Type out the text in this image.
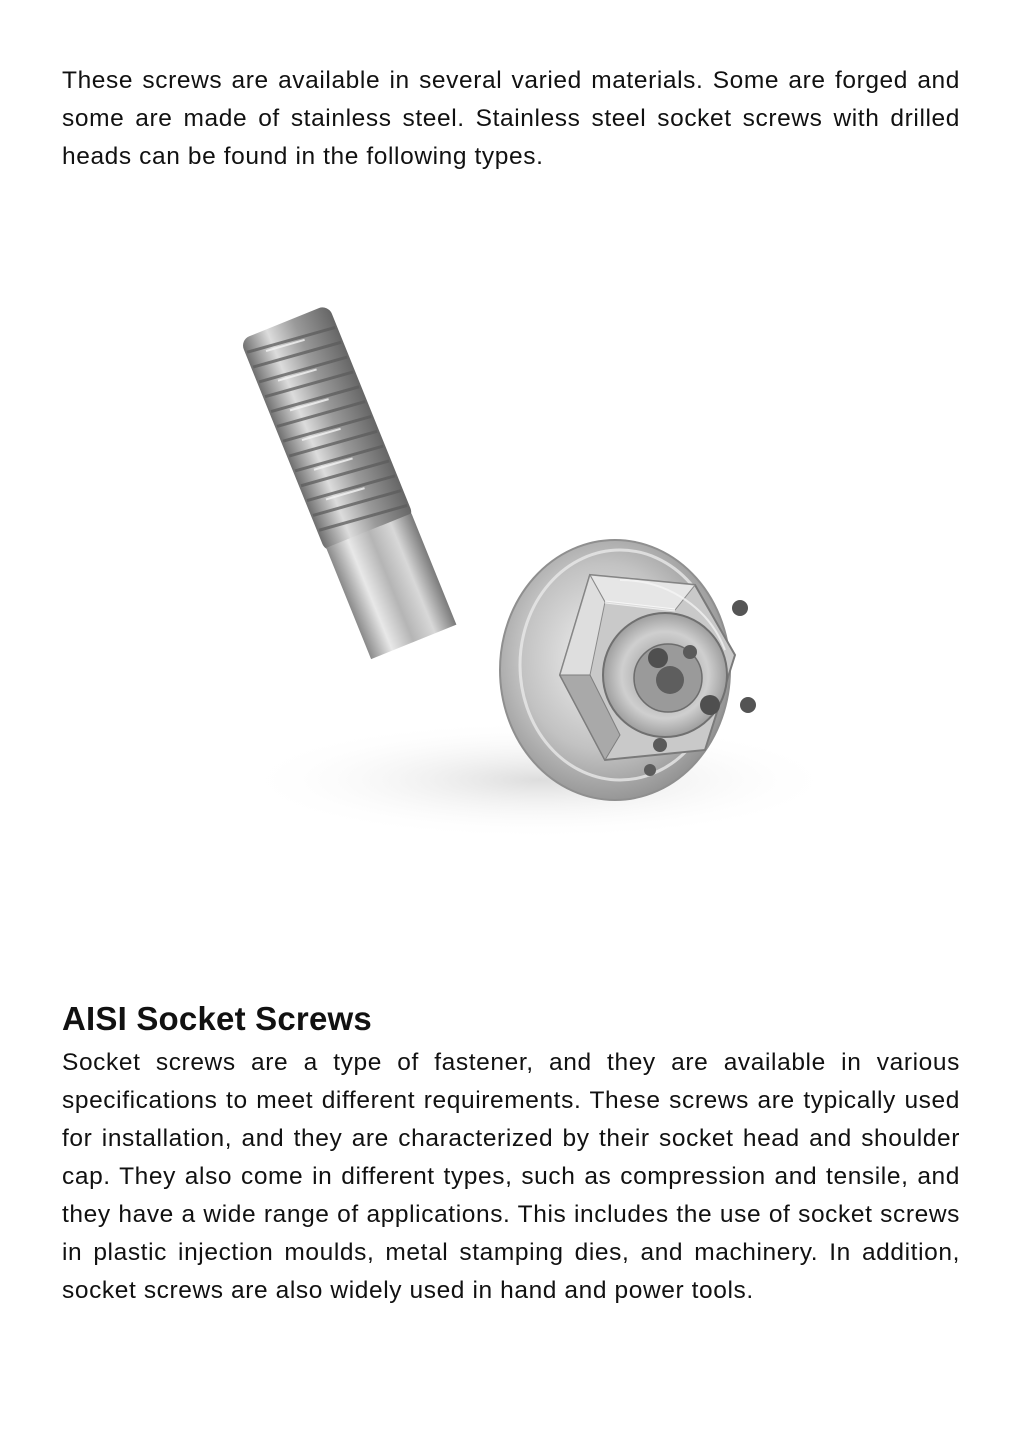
These screws are available in several varied materials. Some are forged and some are made of stainless steel. Stainless steel socket screws with drilled heads can be found in the following types.

AISI Socket Screws

Socket screws are a type of fastener, and they are available in various specifications to meet different requirements. These screws are typically used for installation, and they are characterized by their socket head and shoulder cap. They also come in different types, such as compression and tensile, and they have a wide range of applications. This includes the use of socket screws in plastic injection moulds, metal stamping dies, and machinery. In addition, socket screws are also widely used in hand and power tools.
